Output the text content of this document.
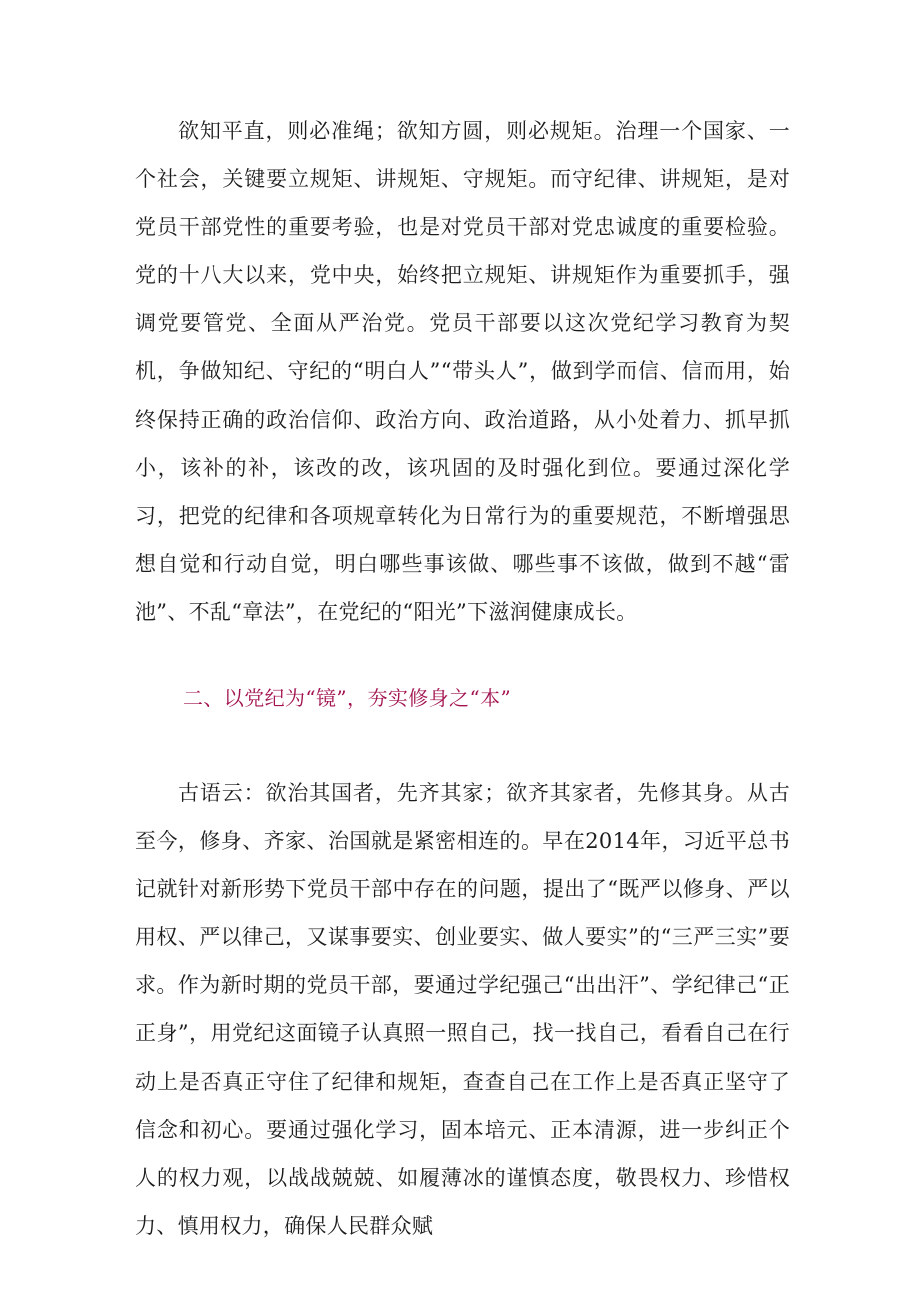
欲知平直，则必准绳；欲知方圆，则必规矩。治理一个国家、一个社会，关键要立规矩、讲规矩、守规矩。而守纪律、讲规矩，是对党员干部党性的重要考验，也是对党员干部对党忠诚度的重要检验。党的十八大以来，党中央，始终把立规矩、讲规矩作为重要抓手，强调党要管党、全面从严治党。党员干部要以这次党纪学习教育为契机，争做知纪、守纪的“明白人”“带头人”，做到学而信、信而用，始终保持正确的政治信仰、政治方向、政治道路，从小处着力、抓早抓小，该补的补，该改的改，该巩固的及时强化到位。要通过深化学习，把党的纪律和各项规章转化为日常行为的重要规范，不断增强思想自觉和行动自觉，明白哪些事该做、哪些事不该做，做到不越“雷池”、不乱“章法”，在党纪的“阳光”下滋润健康成长。

二、以党纪为“镜”，夯实修身之“本”

古语云：欲治其国者，先齐其家；欲齐其家者，先修其身。从古至今，修身、齐家、治国就是紧密相连的。早在2014年，习近平总书记就针对新形势下党员干部中存在的问题，提出了“既严以修身、严以用权、严以律己，又谋事要实、创业要实、做人要实”的“三严三实”要求。作为新时期的党员干部，要通过学纪强己“出出汗”、学纪律己“正正身”，用党纪这面镜子认真照一照自己，找一找自己，看看自己在行动上是否真正守住了纪律和规矩，查查自己在工作上是否真正坚守了信念和初心。要通过强化学习，固本培元、正本清源，进一步纠正个人的权力观，以战战兢兢、如履薄冰的谨慎态度，敬畏权力、珍惜权力、慎用权力，确保人民群众赋
